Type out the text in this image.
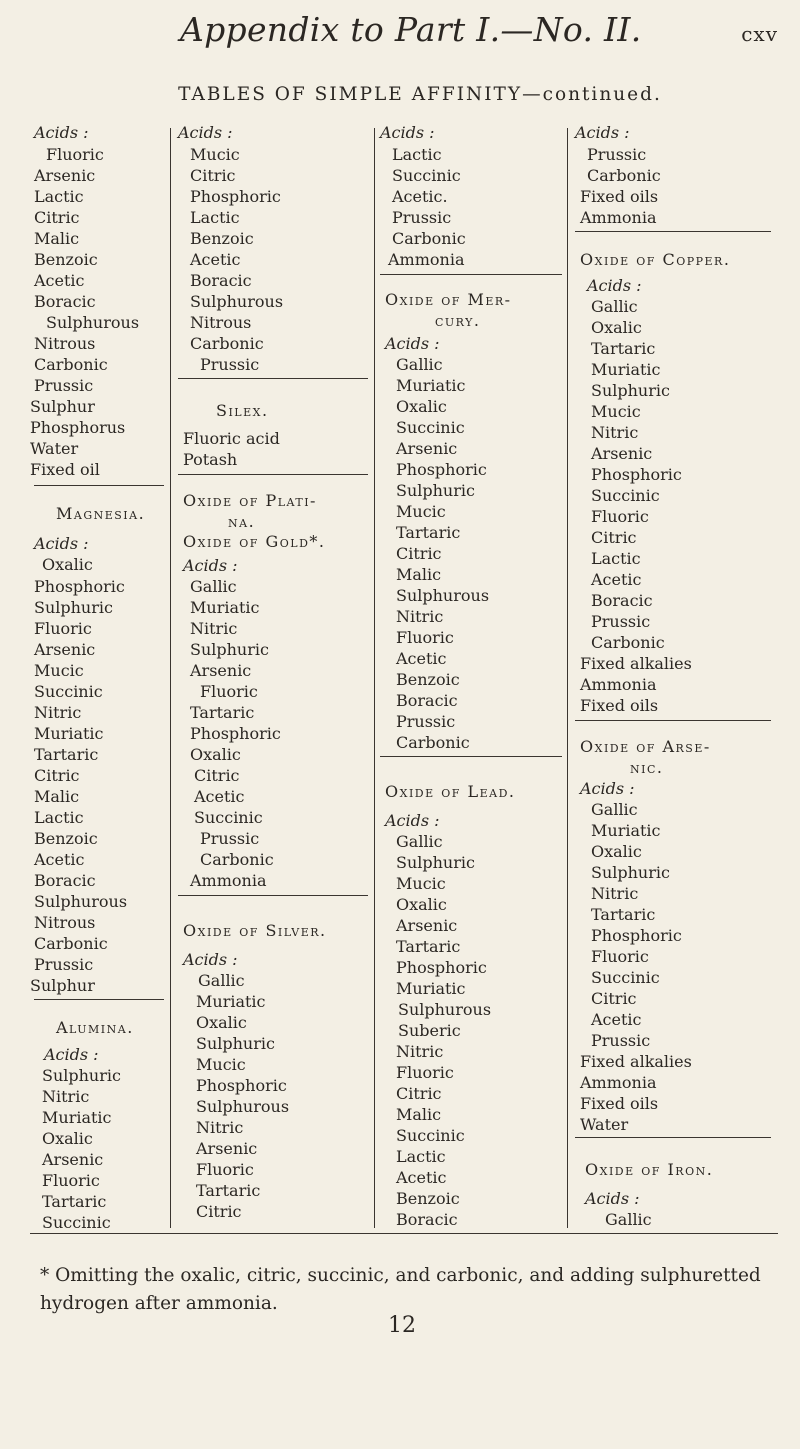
Appendix to Part I.—No. II.	cxv
TABLES OF SIMPLE AFFINITY—continued.
Acids :
Fluoric
Arsenic
Lactic
Citric
Malic
Benzoic
Acetic
Boracic
Sulphurous
Nitrous
Carbonic
Prussic
Sulphur
Phosphorus
Water
Fixed oil
Magnesia.
Acids :
Oxalic
Phosphoric
Sulphuric
Fluoric
Arsenic
Mucic
Succinic
Nitric
Muriatic
Tartaric
Citric
Malic
Lactic
Benzoic
Acetic
Boracic
Sulphurous
Nitrous
Carbonic
Prussic
Sulphur
Alumina.
Acids :
Sulphuric
Nitric
Muriatic
Oxalic
Arsenic
Fluoric
Tartaric
Succinic
Acids :
Mucic
Citric
Phosphoric
Lactic
Benzoic
Acetic
Boracic
Sulphurous
Nitrous
Carbonic
Prussic
Silex.
Fluoric acid
Potash
Oxide of Plati-
na.
Oxide of Gold*.
Acids :
Gallic
Muriatic
Nitric
Sulphuric
Arsenic
Fluoric
Tartaric
Phosphoric
Oxalic
Citric
Acetic
Succinic
Prussic
Carbonic
Ammonia
Oxide of Silver.
Acids :
Gallic
Muriatic
Oxalic
Sulphuric
Mucic
Phosphoric
Sulphurous
Nitric
Arsenic
Fluoric
Tartaric
Citric
Acids :
Lactic
Succinic
Acetic.
Prussic
Carbonic
Ammonia
Oxide of Mer-
cury.
Acids :
Gallic
Muriatic
Oxalic
Succinic
Arsenic
Phosphoric
Sulphuric
Mucic
Tartaric
Citric
Malic
Sulphurous
Nitric
Fluoric
Acetic
Benzoic
Boracic
Prussic
Carbonic
Oxide of Lead.
Acids :
Gallic
Sulphuric
Mucic
Oxalic
Arsenic
Tartaric
Phosphoric
Muriatic
Sulphurous
Suberic
Nitric
Fluoric
Citric
Malic
Succinic
Lactic
Acetic
Benzoic
Boracic
Acids :
Prussic
Carbonic
Fixed oils
Ammonia
Oxide of Copper.
Acids :
Gallic
Oxalic
Tartaric
Muriatic
Sulphuric
Mucic
Nitric
Arsenic
Phosphoric
Succinic
Fluoric
Citric
Lactic
Acetic
Boracic
Prussic
Carbonic
Fixed alkalies
Ammonia
Fixed oils
Oxide of Arse-
nic.
Acids :
Gallic
Muriatic
Oxalic
Sulphuric
Nitric
Tartaric
Phosphoric
Fluoric
Succinic
Citric
Acetic
Prussic
Fixed alkalies
Ammonia
Fixed oils
Water
Oxide of Iron.
Acids :
Gallic
* Omitting the oxalic, citric, succinic, and carbonic, and adding sulphuretted hydrogen after ammonia.
12
